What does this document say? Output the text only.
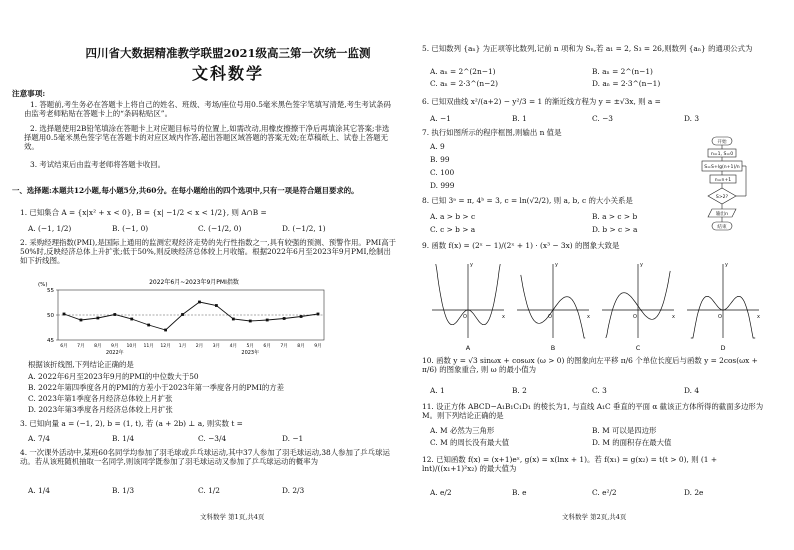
四川省大数据精准教学联盟2021级高三第一次统一监测
文科数学
注意事项:
1. 答题前,考生务必在答题卡上将自己的姓名、班级、考场/座位号用0.5毫米黑色签字笔填写清楚,考生考试条码由监考老师粘贴在答题卡上的“条码粘贴区”。
2. 选择题使用2B铅笔填涂在答题卡上对应题目标号的位置上,如需改动,用橡皮擦擦干净后再填涂其它答案;非选择题用0.5毫米黑色签字笔在答题卡的对应区域内作答,超出答题区域答题的答案无效;在草稿纸上、试卷上答题无效。
3. 考试结束后由监考老师将答题卡收回。
一、选择题:本题共12小题,每小题5分,共60分。在每小题给出的四个选项中,只有一项是符合题目要求的。
1. 已知集合 A = {x|x² + x < 0}, B = {x| −1/2 < x < 1/2}, 则 A∩B =
A. (−1, 1/2)	B. (−1, 0)	C. (−1/2, 0)	D. (−1/2, 1)
2. 采购经理指数(PMI),是国际上通用的监测宏观经济走势的先行性指数之一,具有较强的预测、预警作用。PMI高于50%时,反映经济总体上升扩张;低于50%,则反映经济总体较上月收缩。根据2022年6月至2023年9月PMI,绘制出如下折线图。
2022年6月~2023年9月PMI指数
(%)
45
50
55
6月 7月 8月 9月 10月 11月 12月 1月 2月 3月 4月 5月 6月 7月 8月 9月
2022年	2023年
根据该折线图,下列结论正确的是
A. 2022年6月至2023年9月的PMI的中位数大于50
B. 2022年第四季度各月的PMI的方差小于2023年第一季度各月的PMI的方差
C. 2023年第1季度各月经济总体较上月扩张
D. 2023年第3季度各月经济总体较上月扩张
3. 已知向量 a = (−1, 2), b = (1, t), 若 (a + 2b) ⊥ a, 则实数 t =
A. 7/4	B. 1/4	C. −3/4	D. −1
4. 一次课外活动中,某班60名同学均参加了羽毛球或乒乓球运动,其中37人参加了羽毛球运动,38人参加了乒乓球运动。若从该班随机抽取一名同学,则该同学既参加了羽毛球运动又参加了乒乓球运动的概率为
A. 1/4	B. 1/3	C. 1/2	D. 2/3
文科数学 第1页,共4页
5. 已知数列 {aₙ} 为正项等比数列,记前 n 项和为 Sₙ,若 a₁ = 2, S₃ = 26,则数列 {aₙ} 的通项公式为
A. aₙ = 2^(2n−1)	B. aₙ = 2^(n−1)
C. aₙ = 2·3^(n−2)	D. aₙ = 2·3^(n−1)
6. 已知双曲线 x²/(a+2) − y²/3 = 1 的渐近线方程为 y = ±√3x, 则 a =
A. −1	B. 1	C. −3	D. 3
7. 执行如图所示的程序框图,则输出 n 值是
A. 9
B. 99
C. 100
D. 999
开始
n=1, S=0
S=S+lg(n+1)/n
n=n+1
S>2?
输出n
结束
8. 已知 3ᵃ = π, 4ᵇ = 3, c = ln(√2/2), 则 a, b, c 的大小关系是
A. a > b > c	B. a > c > b
C. c > b > a	D. b > c > a
9. 函数 f(x) = (2ˣ − 1)/(2ˣ + 1) · (x³ − 3x) 的图象大致是
A	B	C	D
O	x
y
O	x
y
O	x
y
O	x
y
10. 函数 y = √3 sinωx + cosωx (ω > 0) 的图象向左平移 π/6 个单位长度后与函数 y = 2cos(ωx + π/6) 的图象重合, 则 ω 的最小值为
A. 1	B. 2	C. 3	D. 4
11. 设正方体 ABCD−A₁B₁C₁D₁ 的棱长为1, 与直线 A₁C 垂直的平面 α 截该正方体所得的截面多边形为 M。则下列结论正确的是
A. M 必然为三角形	B. M 可以是四边形
C. M 的周长没有最大值	D. M 的面积存在最大值
12. 已知函数 f(x) = (x+1)eˣ, g(x) = x(lnx + 1)。若 f(x₁) = g(x₂) = t(t > 0), 则 (1 + lnt)/((x₁+1)²x₂) 的最大值为
A. e/2	B. e	C. e²/2	D. 2e
文科数学 第2页,共4页
